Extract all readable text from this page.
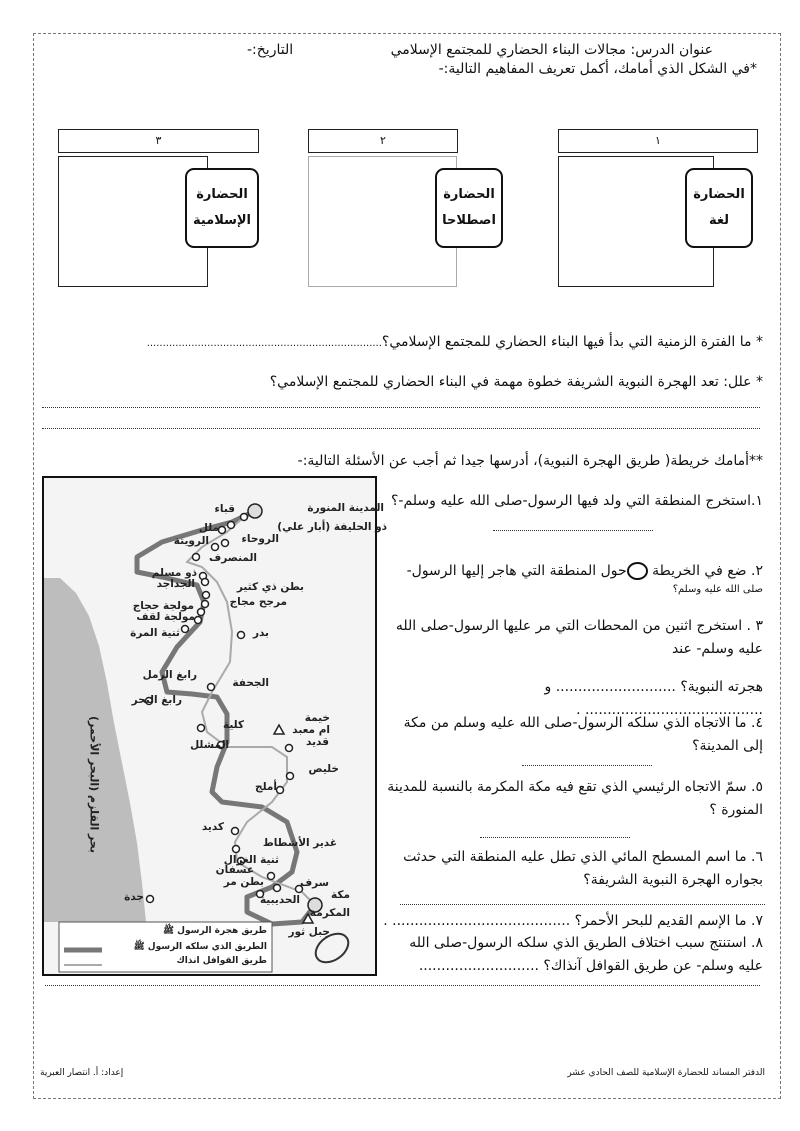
عنوان الدرس: مجالات البناء الحضاري للمجتمع الإسلامي
التاريخ:-
*في الشكل الذي أمامك، أكمل تعريف المفاهيم التالية:-
١
الحضارة
لغة
٢
الحضارة
اصطلاحا
٣
الحضارة
الإسلامية
* ما الفترة الزمنية التي بدأ فيها البناء الحضاري للمجتمع الإسلامي؟..........................................................................
* علل: تعد الهجرة النبوية الشريفة خطوة مهمة في البناء الحضاري للمجتمع الإسلامي؟
**أمامك خريطة( طريق الهجرة النبوية)، أدرسها جيدا ثم أجب عن الأسئلة التالية:-
المدينة المنورة
قباء
ذو الحليفة (أبار علي)
ملل
الروحاء
الرويثة
المنصرف
ذو مسلم
الجداجد	بطن ذي كثير
مرجح مجاج
مولجة حجاج
مولجة لقف
ثنية المرة	بدر
رابغ الرمل
الجحفة
رابغ البحر
كلية
خيمة
ام معبد
المشلل	قديد
خليص
أملج
كديد
غدير الأشطاط
ثنية الغزال
عسفان
بطن مر	سرف
مكة
المكرمة
الحديبية
جبل ثور
جدة
بحر القلزم (البحر الأحمر)
طريق هجرة الرسول ﷺ
الطريق الذي سلكه الرسول ﷺ
طريق القوافل انذاك
١.استخرج المنطقة التي ولد فيها الرسول-صلى الله عليه وسلم-؟
٢. ضع في الخريطة حول المنطقة التي هاجر إليها الرسول-

صلى الله عليه وسلم؟
٣ . استخرج اثنين من المحطات التي مر عليها الرسول-صلى الله عليه وسلم- عند
هجرته النبوية؟ ........................... و ........................................ .
٤. ما الاتجاه الذي سلكه الرسول-صلى الله عليه وسلم من مكة إلى المدينة؟
٥. سمّ الاتجاه الرئيسي الذي تقع فيه مكة المكرمة بالنسبة للمدينة المنورة ؟
٦. ما اسم المسطح المائي الذي تطل عليه المنطقة التي حدثت بجواره الهجرة النبوية الشريفة؟
٧. ما الإسم القديم للبحر الأحمر؟ ........................................ .
٨. استنتج سبب اختلاف الطريق الذي سلكه الرسول-صلى الله عليه وسلم- عن طريق القوافل آنذاك؟ ...........................
الدفتر المساند للحضارة الإسلامية للصف الحادي عشر
إعداد: أ. انتصار العبرية
